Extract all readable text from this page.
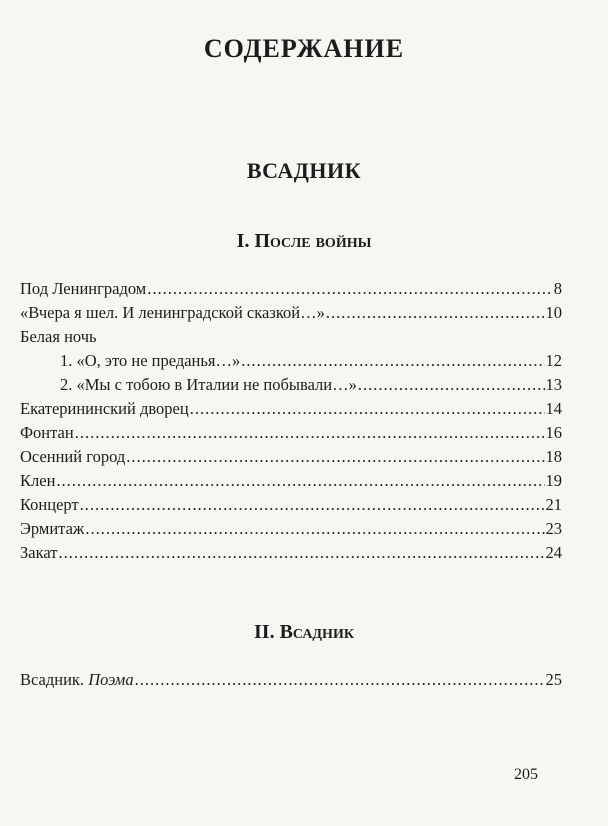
СОДЕРЖАНИЕ
ВСАДНИК
I. После войны
Под Ленинградом .....	8
«Вчера я шел. И ленинградской сказкой…» .....	10
Белая ночь
1. «О, это не преданья…» .....	12
2. «Мы с тобою в Италии не побывали…» .....	13
Екатерининский дворец .....	14
Фонтан .....	16
Осенний город .....	18
Клен .....	19
Концерт .....	21
Эрмитаж .....	23
Закат .....	24
II. Всадник
Всадник. Поэма .....	25
205
